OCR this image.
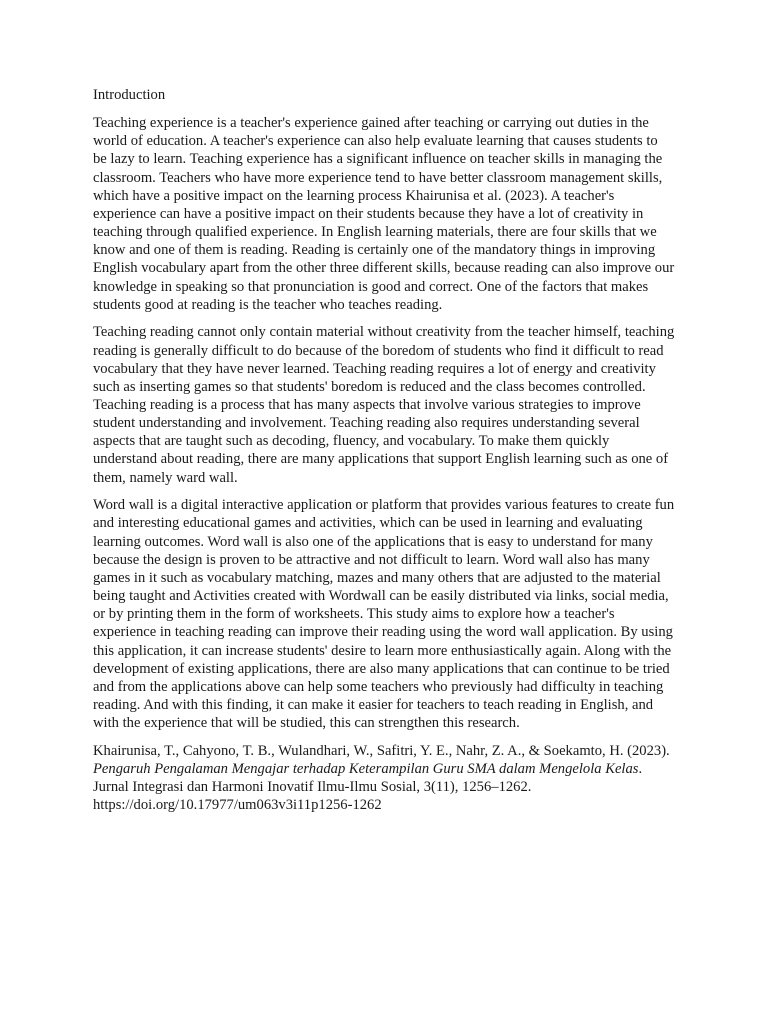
Introduction

Teaching experience is a teacher's experience gained after teaching or carrying out duties in the world of education. A teacher's experience can also help evaluate learning that causes students to be lazy to learn. Teaching experience has a significant influence on teacher skills in managing the classroom. Teachers who have more experience tend to have better classroom management skills, which have a positive impact on the learning process Khairunisa et al. (2023). A teacher's experience can have a positive impact on their students because they have a lot of creativity in teaching through qualified experience. In English learning materials, there are four skills that we know and one of them is reading. Reading is certainly one of the mandatory things in improving English vocabulary apart from the other three different skills, because reading can also improve our knowledge in speaking so that pronunciation is good and correct. One of the factors that makes students good at reading is the teacher who teaches reading.

Teaching reading cannot only contain material without creativity from the teacher himself, teaching reading is generally difficult to do because of the boredom of students who find it difficult to read vocabulary that they have never learned. Teaching reading requires a lot of energy and creativity such as inserting games so that students' boredom is reduced and the class becomes controlled. Teaching reading is a process that has many aspects that involve various strategies to improve student understanding and involvement. Teaching reading also requires understanding several aspects that are taught such as decoding, fluency, and vocabulary. To make them quickly understand about reading, there are many applications that support English learning such as one of them, namely ward wall.

Word wall is a digital interactive application or platform that provides various features to create fun and interesting educational games and activities, which can be used in learning and evaluating learning outcomes. Word wall is also one of the applications that is easy to understand for many because the design is proven to be attractive and not difficult to learn. Word wall also has many games in it such as vocabulary matching, mazes and many others that are adjusted to the material being taught and Activities created with Wordwall can be easily distributed via links, social media, or by printing them in the form of worksheets. This study aims to explore how a teacher's experience in teaching reading can improve their reading using the word wall application. By using this application, it can increase students' desire to learn more enthusiastically again. Along with the development of existing applications, there are also many applications that can continue to be tried and from the applications above can help some teachers who previously had difficulty in teaching reading. And with this finding, it can make it easier for teachers to teach reading in English, and with the experience that will be studied, this can strengthen this research.

Khairunisa, T., Cahyono, T. B., Wulandhari, W., Safitri, Y. E., Nahr, Z. A., & Soekamto, H. (2023). Pengaruh Pengalaman Mengajar terhadap Keterampilan Guru SMA dalam Mengelola Kelas. Jurnal Integrasi dan Harmoni Inovatif Ilmu-Ilmu Sosial, 3(11), 1256–1262. https://doi.org/10.17977/um063v3i11p1256-1262
